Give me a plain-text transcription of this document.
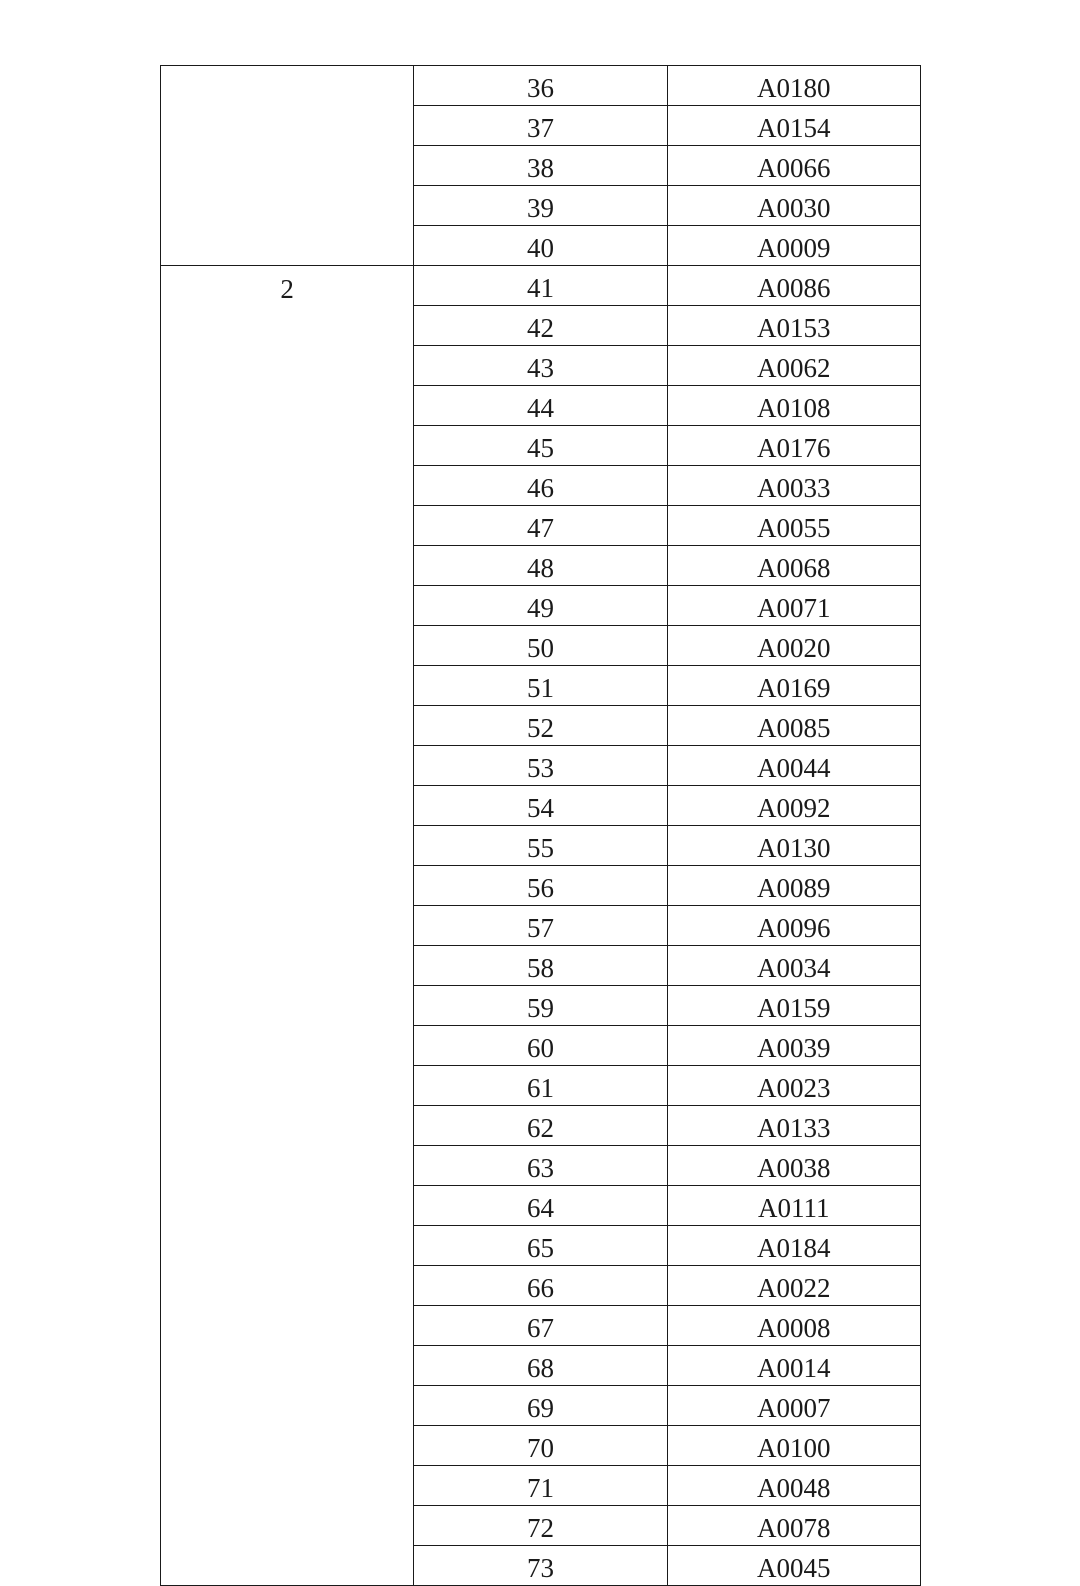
	36	A0180

	37	A0154

	38	A0066

	39	A0030

	40	A0009

2	41	A0086

	42	A0153

	43	A0062

	44	A0108

	45	A0176

	46	A0033

	47	A0055

	48	A0068

	49	A0071

	50	A0020

	51	A0169

	52	A0085

	53	A0044

	54	A0092

	55	A0130

	56	A0089

	57	A0096

	58	A0034

	59	A0159

	60	A0039

	61	A0023

	62	A0133

	63	A0038

	64	A0111

	65	A0184

	66	A0022

	67	A0008

	68	A0014

	69	A0007

	70	A0100

	71	A0048

	72	A0078

	73	A0045
